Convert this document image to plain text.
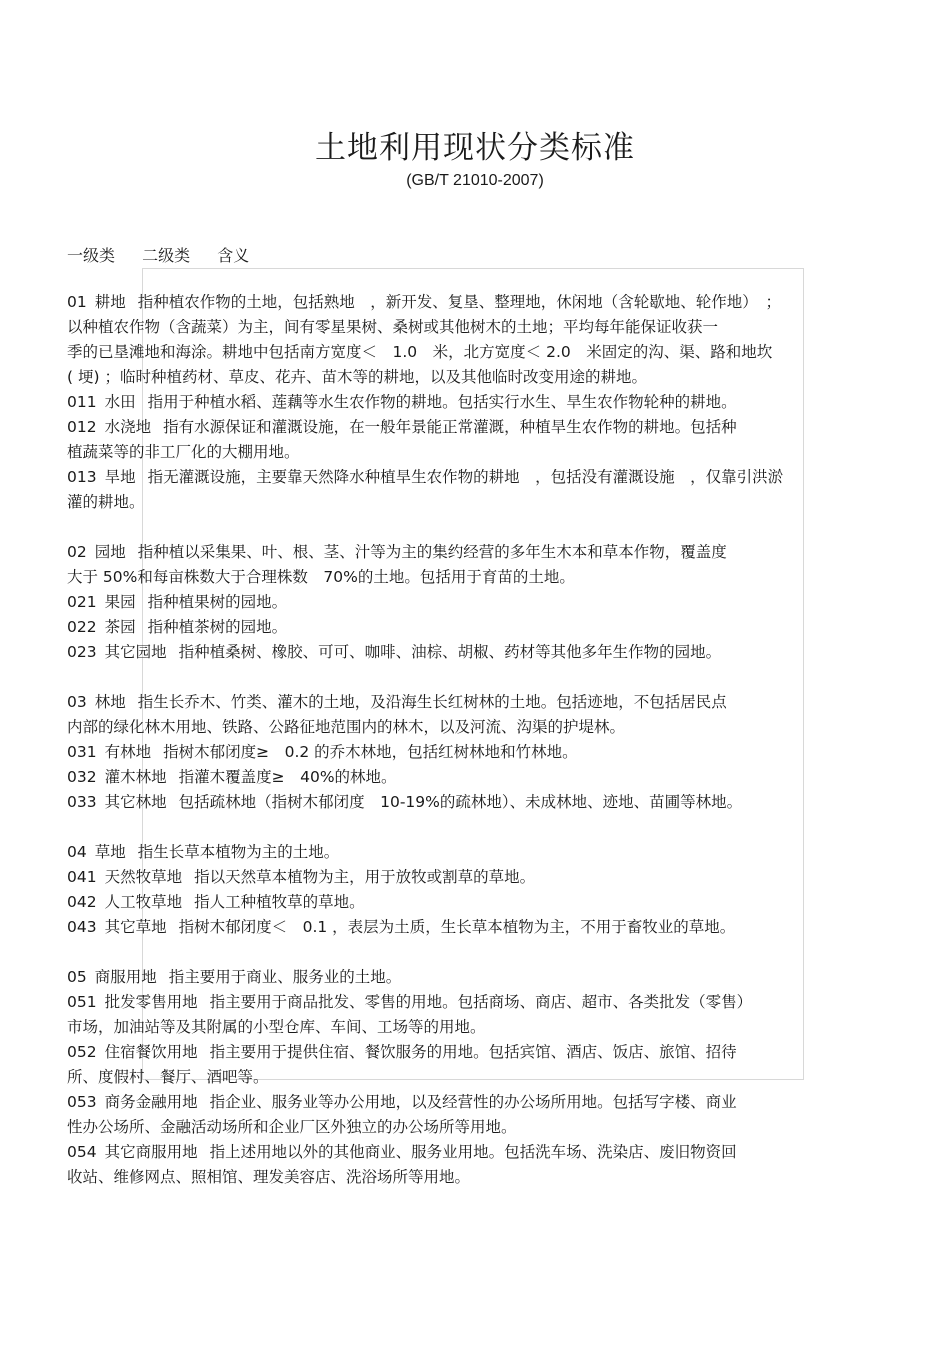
土地利用现状分类标准
(GB/T 21010-2007)
一级类 二级类 含义
01 耕地 指种植农作物的土地，包括熟地　，新开发、复垦、整理地，休闲地（含轮歇地、轮作地）　；
以种植农作物（含蔬菜）为主，间有零星果树、桑树或其他树木的土地；平均每年能保证收获一
季的已垦滩地和海涂。耕地中包括南方宽度＜　1.0　米，北方宽度＜ 2.0　米固定的沟、渠、路和地坎
( 埂) ；临时种植药材、草皮、花卉、苗木等的耕地，以及其他临时改变用途的耕地。
011 水田 指用于种植水稻、莲藕等水生农作物的耕地。包括实行水生、旱生农作物轮种的耕地。
012 水浇地 指有水源保证和灌溉设施，在一般年景能正常灌溉，种植旱生农作物的耕地。包括种
植蔬菜等的非工厂化的大棚用地。
013 旱地 指无灌溉设施，主要靠天然降水种植旱生农作物的耕地　，包括没有灌溉设施　，仅靠引洪淤
灌的耕地。
02 园地 指种植以采集果、叶、根、茎、汁等为主的集约经营的多年生木本和草本作物，覆盖度
大于 50%和每亩株数大于合理株数　70%的土地。包括用于育苗的土地。
021 果园 指种植果树的园地。
022 茶园 指种植茶树的园地。
023 其它园地 指种植桑树、橡胶、可可、咖啡、油棕、胡椒、药材等其他多年生作物的园地。
03 林地 指生长乔木、竹类、灌木的土地，及沿海生长红树林的土地。包括迹地，不包括居民点
内部的绿化林木用地、铁路、公路征地范围内的林木，以及河流、沟渠的护堤林。
031 有林地 指树木郁闭度≥　0.2 的乔木林地，包括红树林地和竹林地。
032 灌木林地 指灌木覆盖度≥　40%的林地。
033 其它林地 包括疏林地（指树木郁闭度　10-19%的疏林地）、未成林地、迹地、苗圃等林地。
04 草地 指生长草本植物为主的土地。
041 天然牧草地 指以天然草本植物为主，用于放牧或割草的草地。
042 人工牧草地 指人工种植牧草的草地。
043 其它草地 指树木郁闭度＜　0.1 ，表层为土质，生长草本植物为主，不用于畜牧业的草地。
05 商服用地 指主要用于商业、服务业的土地。
051 批发零售用地 指主要用于商品批发、零售的用地。包括商场、商店、超市、各类批发（零售）
市场，加油站等及其附属的小型仓库、车间、工场等的用地。
052 住宿餐饮用地 指主要用于提供住宿、餐饮服务的用地。包括宾馆、酒店、饭店、旅馆、招待
所、度假村、餐厅、酒吧等。
053 商务金融用地 指企业、服务业等办公用地，以及经营性的办公场所用地。包括写字楼、商业
性办公场所、金融活动场所和企业厂区外独立的办公场所等用地。
054 其它商服用地 指上述用地以外的其他商业、服务业用地。包括洗车场、洗染店、废旧物资回
收站、维修网点、照相馆、理发美容店、洗浴场所等用地。
